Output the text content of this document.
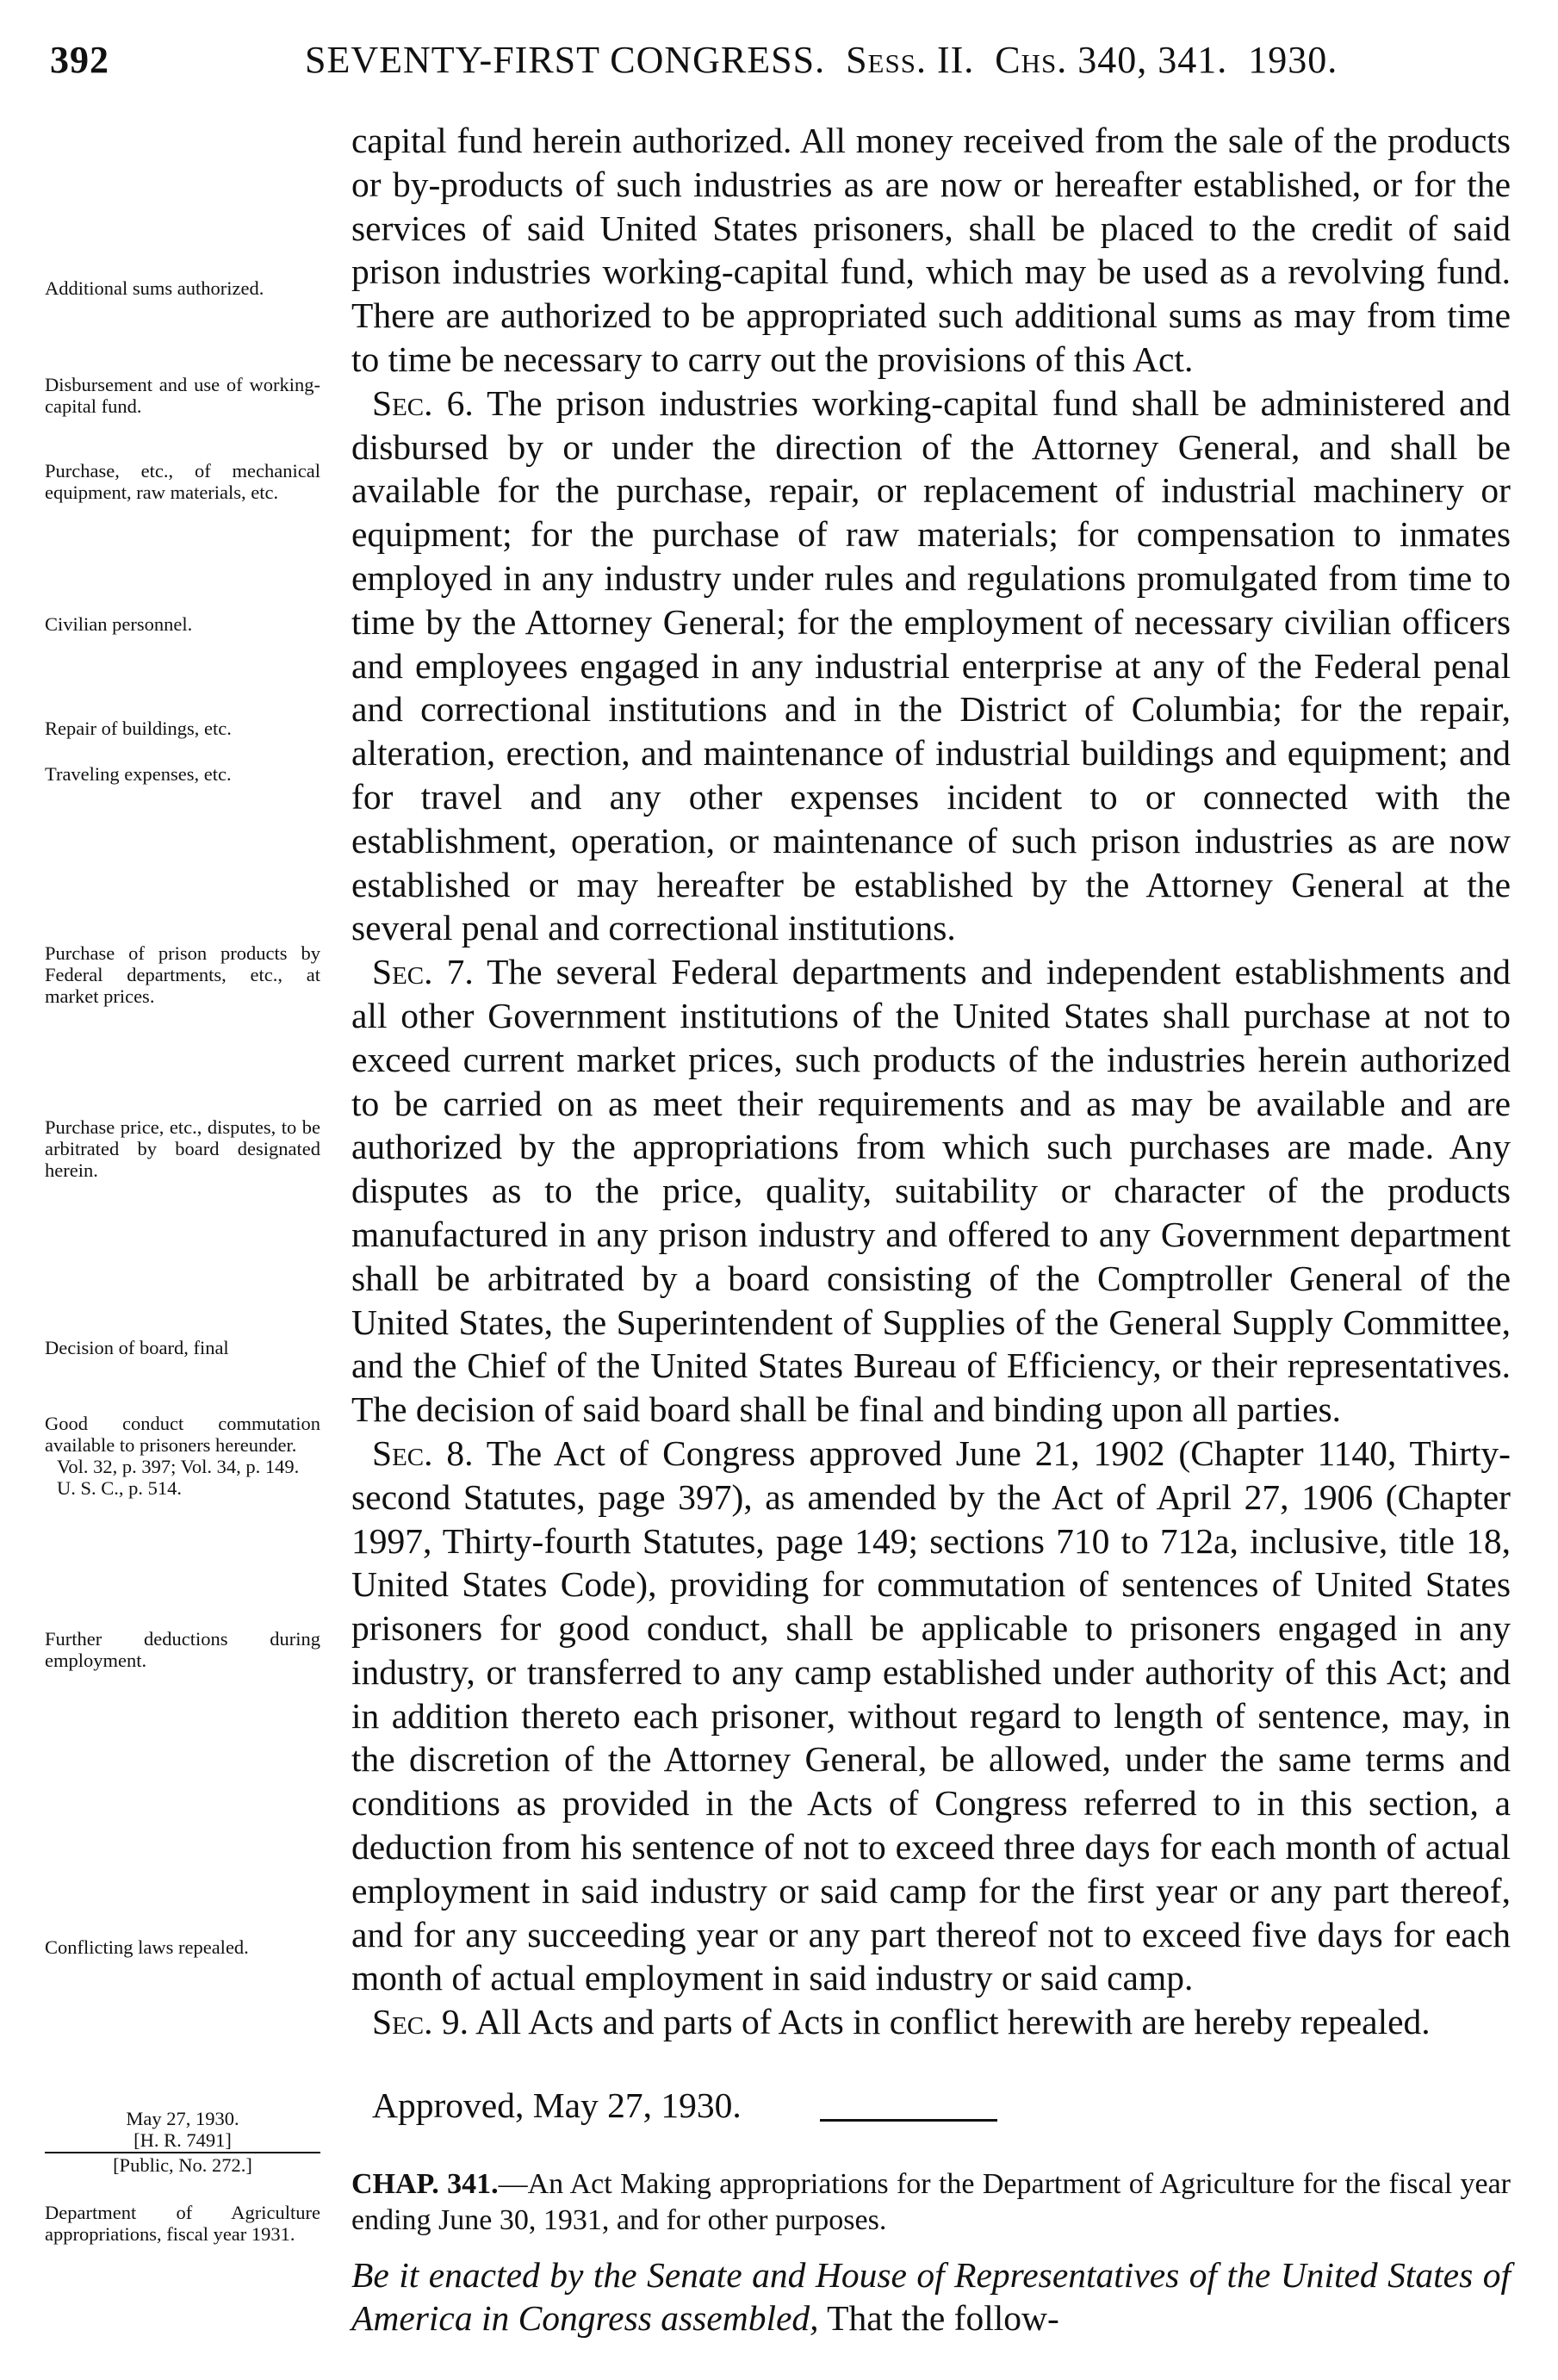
392	SEVENTY-FIRST CONGRESS. Sess. II. Chs. 340, 341. 1930.
Additional sums authorized.
Disbursement and use of working-capital fund.
Purchase, etc., of mechanical equipment, raw materials, etc.
Civilian personnel.
Repair of buildings, etc.
Traveling expenses, etc.
Purchase of prison products by Federal departments, etc., at market prices.
Purchase price, etc., disputes, to be arbitrated by board designated herein.
Decision of board, final
Good conduct commutation available to prisoners hereunder.
Vol. 32, p. 397; Vol. 34, p. 149.
U. S. C., p. 514.
Further deductions during employment.
Conflicting laws repealed.

capital fund herein authorized. All money received from the sale of the products or by-products of such industries as are now or hereafter established, or for the services of said United States prisoners, shall be placed to the credit of said prison industries working-capital fund, which may be used as a revolving fund. There are authorized to be appropriated such additional sums as may from time to time be necessary to carry out the provisions of this Act.

Sec. 6. The prison industries working-capital fund shall be administered and disbursed by or under the direction of the Attorney General, and shall be available for the purchase, repair, or replacement of industrial machinery or equipment; for the purchase of raw materials; for compensation to inmates employed in any industry under rules and regulations promulgated from time to time by the Attorney General; for the employment of necessary civilian officers and employees engaged in any industrial enterprise at any of the Federal penal and correctional institutions and in the District of Columbia; for the repair, alteration, erection, and maintenance of industrial buildings and equipment; and for travel and any other expenses incident to or connected with the establishment, operation, or maintenance of such prison industries as are now established or may hereafter be established by the Attorney General at the several penal and correctional institutions.

Sec. 7. The several Federal departments and independent establishments and all other Government institutions of the United States shall purchase at not to exceed current market prices, such products of the industries herein authorized to be carried on as meet their requirements and as may be available and are authorized by the appropriations from which such purchases are made. Any disputes as to the price, quality, suitability or character of the products manufactured in any prison industry and offered to any Government department shall be arbitrated by a board consisting of the Comptroller General of the United States, the Superintendent of Supplies of the General Supply Committee, and the Chief of the United States Bureau of Efficiency, or their representatives. The decision of said board shall be final and binding upon all parties.

Sec. 8. The Act of Congress approved June 21, 1902 (Chapter 1140, Thirty-second Statutes, page 397), as amended by the Act of April 27, 1906 (Chapter 1997, Thirty-fourth Statutes, page 149; sections 710 to 712a, inclusive, title 18, United States Code), providing for commutation of sentences of United States prisoners for good conduct, shall be applicable to prisoners engaged in any industry, or transferred to any camp established under authority of this Act; and in addition thereto each prisoner, without regard to length of sentence, may, in the discretion of the Attorney General, be allowed, under the same terms and conditions as provided in the Acts of Congress referred to in this section, a deduction from his sentence of not to exceed three days for each month of actual employment in said industry or said camp for the first year or any part thereof, and for any succeeding year or any part thereof not to exceed five days for each month of actual employment in said industry or said camp.

Sec. 9. All Acts and parts of Acts in conflict herewith are hereby repealed.

Approved, May 27, 1930.

May 27, 1930.
[H. R. 7491]
[Public, No. 272.]
Department of Agriculture appropriations, fiscal year 1931.
CHAP. 341.—An Act Making appropriations for the Department of Agriculture for the fiscal year ending June 30, 1931, and for other purposes.
Be it enacted by the Senate and House of Representatives of the United States of America in Congress assembled, That the follow-
